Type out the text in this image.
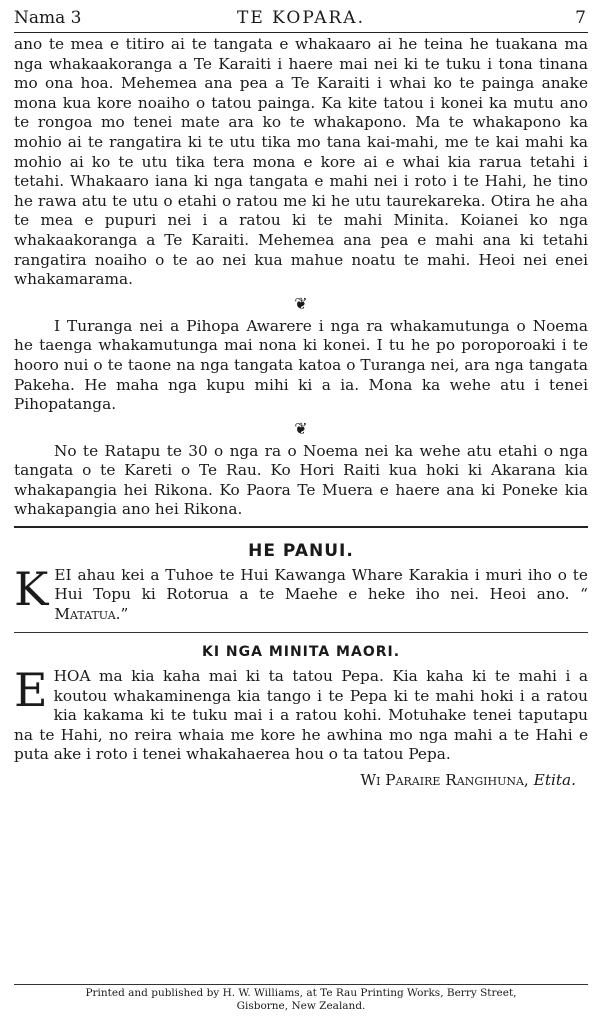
Nama 3	TE KOPARA.	7

ano te mea e titiro ai te tangata e whakaaro ai he teina he tuakana ma nga whakaakoranga a Te Karaiti i haere mai nei ki te tuku i tona tinana mo ona hoa. Mehemea ana pea a Te Karaiti i whai ko te painga anake mona kua kore noaiho o tatou painga. Ka kite tatou i konei ka mutu ano te rongoa mo tenei mate ara ko te whakapono. Ma te whakapono ka mohio ai te rangatira ki te utu tika mo tana kai-mahi, me te kai mahi ka mohio ai ko te utu tika tera mona e kore ai e whai kia rarua tetahi i tetahi. Whakaaro iana ki nga tangata e mahi nei i roto i te Hahi, he tino he rawa atu te utu o etahi o ratou me ki he utu taurekareka. Otira he aha te mea e pupuri nei i a ratou ki te mahi Minita. Koianei ko nga whakaakoranga a Te Karaiti. Mehemea ana pea e mahi ana ki tetahi rangatira noaiho o te ao nei kua mahue noatu te mahi. Heoi nei enei whakamarama.

❦

I Turanga nei a Pihopa Awarere i nga ra whakamutunga o Noema he taenga whakamutunga mai nona ki konei. I tu he po poroporoaki i te hooro nui o te taone na nga tangata katoa o Turanga nei, ara nga tangata Pakeha. He maha nga kupu mihi ki a ia. Mona ka wehe atu i tenei Pihopatanga.

❦

No te Ratapu te 30 o nga ra o Noema nei ka wehe atu etahi o nga tangata o te Kareti o Te Rau. Ko Hori Raiti kua hoki ki Akarana kia whakapangia hei Rikona. Ko Paora Te Muera e haere ana ki Poneke kia whakapangia ano hei Rikona.

HE PANUI.

KEI ahau kei a Tuhoe te Hui Kawanga Whare Karakia i muri iho o te Hui Topu ki Rotorua a te Maehe e heke iho nei. Heoi ano. “ Matatua.”

KI NGA MINITA MAORI.

EHOA ma kia kaha mai ki ta tatou Pepa. Kia kaha ki te mahi i a koutou whakaminenga kia tango i te Pepa ki te mahi hoki i a ratou kia kakama ki te tuku mai i a ratou kohi. Motuhake tenei taputapu na te Hahi, no reira whaia me kore he awhina mo nga mahi a te Hahi e puta ake i roto i tenei whakahaerea hou o ta tatou Pepa.

Wi Paraire Rangihuna, Etita.
Printed and published by H. W. Williams, at Te Rau Printing Works, Berry Street,
Gisborne, New Zealand.
